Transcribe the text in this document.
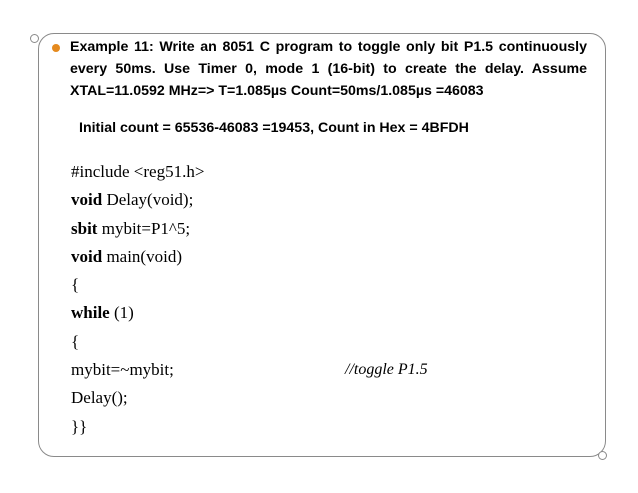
Example 11: Write an 8051 C program to toggle only bit P1.5 continuously
every 50ms. Use Timer 0, mode 1 (16-bit) to create the delay. Assume
XTAL=11.0592 MHz=> T=1.085µs Count=50ms/1.085µs =46083
Initial count = 65536-46083 =19453, Count in Hex = 4BFDH
#include <reg51.h>
void Delay(void);
sbit mybit=P1^5;
void main(void)
{
while (1)
{
mybit=~mybit;
Delay();
}}
//toggle P1.5
